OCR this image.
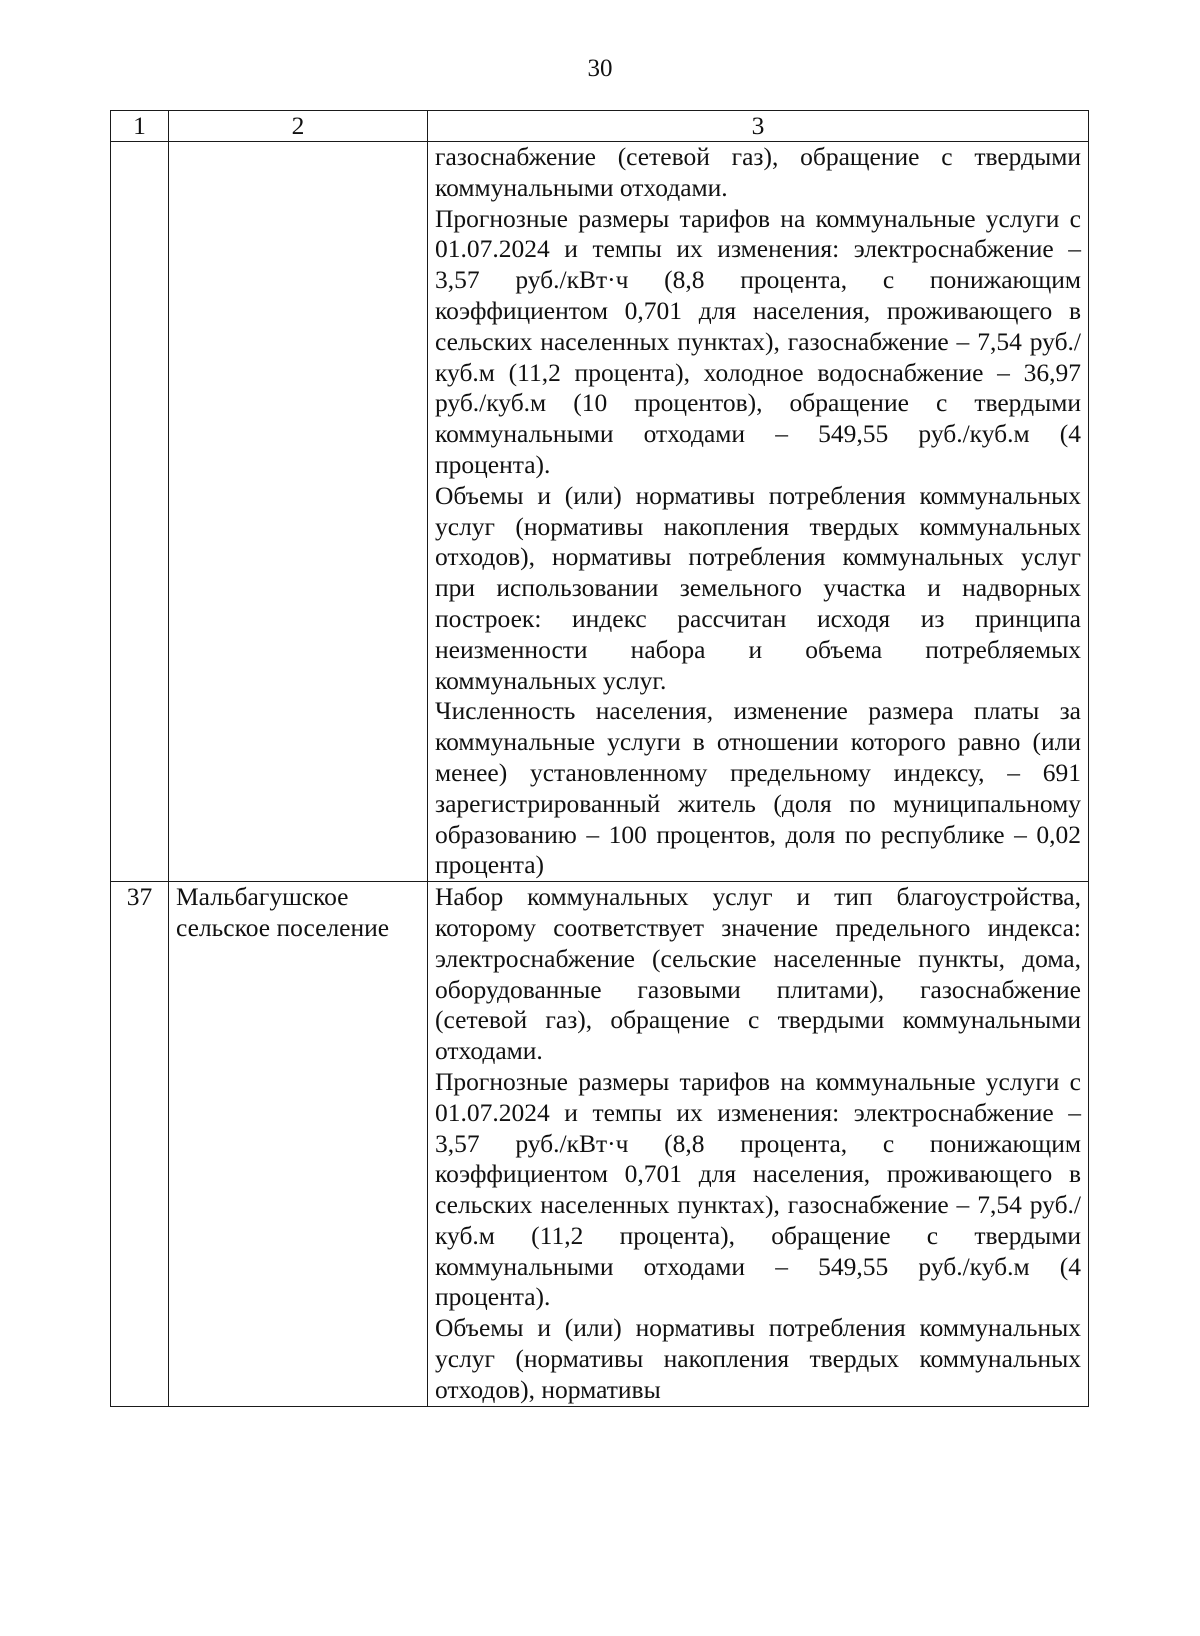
30
1	2	3

		газоснабжение (сетевой газ), обращение с твердыми коммунальными отходами.
Прогнозные размеры тарифов на коммунальные услуги с 01.07.2024 и темпы их изменения: электроснабжение – 3,57 руб./кВт·ч (8,8 процента, с понижающим коэффициентом 0,701 для населения, проживающего в сельских населенных пунктах), газоснабжение – 7,54 руб./куб.м (11,2 процента), холодное водоснабжение – 36,97 руб./куб.м (10 процентов), обращение с твердыми коммунальными отходами – 549,55 руб./куб.м (4 процента).
Объемы и (или) нормативы потребления коммунальных услуг (нормативы накопления твердых коммунальных отходов), нормативы потребления коммунальных услуг при использовании земельного участка и надворных построек: индекс рассчитан исходя из принципа неизменности набора и объема потребляемых коммунальных услуг.
Численность населения, изменение размера платы за коммунальные услуги в отношении которого равно (или менее) установленному предельному индексу, – 691 зарегистрированный житель (доля по муниципальному образованию – 100 процентов, доля по республике – 0,02 процента)

37	Мальбагушское сельское поселение	Набор коммунальных услуг и тип благоустройства, которому соответствует значение предельного индекса: электроснабжение (сельские населенные пункты, дома, оборудованные газовыми плитами), газоснабжение (сетевой газ), обращение с твердыми коммунальными отходами.
Прогнозные размеры тарифов на коммунальные услуги с 01.07.2024 и темпы их изменения: электроснабжение – 3,57 руб./кВт·ч (8,8 процента, с понижающим коэффициентом 0,701 для населения, проживающего в сельских населенных пунктах), газоснабжение – 7,54 руб./куб.м (11,2 процента), обращение с твердыми коммунальными отходами – 549,55 руб./куб.м (4 процента).
Объемы и (или) нормативы потребления коммунальных услуг (нормативы накопления твердых коммунальных отходов), нормативы
